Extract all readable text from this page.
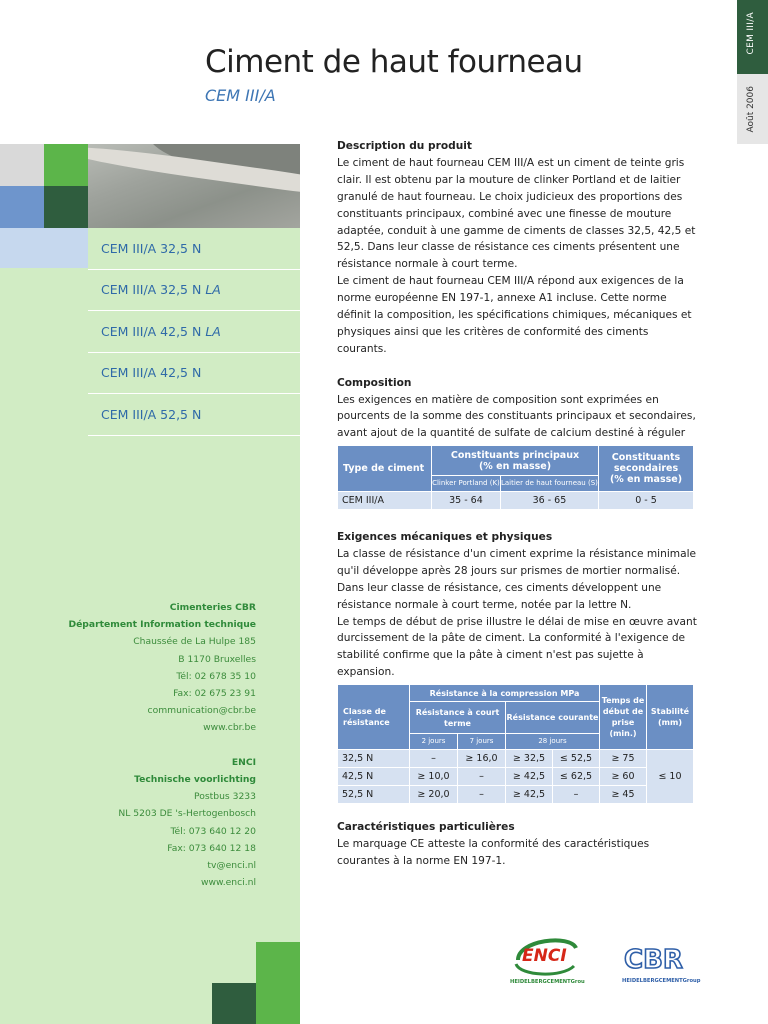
CEM III/A
Août 2006
Ciment de haut fourneau
CEM III/A
CEM III/A 32,5 N
CEM III/A 32,5 N LA
CEM III/A 42,5 N LA
CEM III/A 42,5 N
CEM III/A 52,5 N
Cimenteries CBR
Département Information technique
Chaussée de La Hulpe 185
B 1170 Bruxelles
Tél: 02 678 35 10
Fax: 02 675 23 91
communication@cbr.be
www.cbr.be
ENCI
Technische voorlichting
Postbus 3233
NL 5203 DE 's-Hertogenbosch
Tél: 073 640 12 20
Fax: 073 640 12 18
tv@enci.nl
www.enci.nl
Description du produit

Le ciment de haut fourneau CEM III/A est un ciment de teinte gris clair. Il est obtenu par la mouture de clinker Portland et de laitier granulé de haut fourneau. Le choix judicieux des proportions des constituants principaux, combiné avec une finesse de mouture adaptée, conduit à une gamme de ciments de classes 32,5, 42,5 et 52,5. Dans leur classe de résistance ces ciments présentent une résistance normale à court terme.

Le ciment de haut fourneau CEM III/A répond aux exigences de la norme européenne EN 197-1, annexe A1 incluse. Cette norme définit la composition, les spécifications chimiques, mécaniques et physiques ainsi que les critères de conformité des ciments courants.

Composition

Les exigences en matière de composition sont exprimées en pourcents de la somme des constituants principaux et secondaires, avant ajout de la quantité de sulfate de calcium destiné à réguler

Type de ciment	Constituants principaux
(% en masse)		Constituants secondaires
(% en masse)
	Clinker Portland (K)	Laitier de haut fourneau (S)	
CEM III/A	35 - 64	36 - 65	0 - 5
Exigences mécaniques et physiques

La classe de résistance d'un ciment exprime la résistance minimale qu'il développe après 28 jours sur prismes de mortier normalisé. Dans leur classe de résistance, ces ciments développent une résistance normale à court terme, notée par la lettre N.

Le temps de début de prise illustre le délai de mise en œuvre avant durcissement de la pâte de ciment. La conformité à l'exigence de stabilité confirme que la pâte à ciment n'est pas sujette à expansion.

Classe de résistance	Résistance à la compression MPa				Temps de début de prise (min.)	Stabilité (mm)
	Résistance à court terme		Résistance courante			
	2 jours	7 jours	28 jours			
32,5 N	–	≥ 16,0	≥ 32,5	≤ 52,5	≥ 75	≤ 10
42,5 N	≥ 10,0	–	≥ 42,5	≤ 62,5	≥ 60	
52,5 N	≥ 20,0	–	≥ 42,5	–	≥ 45	
Caractéristiques particulières

Le marquage CE atteste la conformité des caractéristiques courantes à la norme EN 197-1.

ENCI
HEIDELBERGCEMENTGroup
CBR
HEIDELBERGCEMENTGroup
